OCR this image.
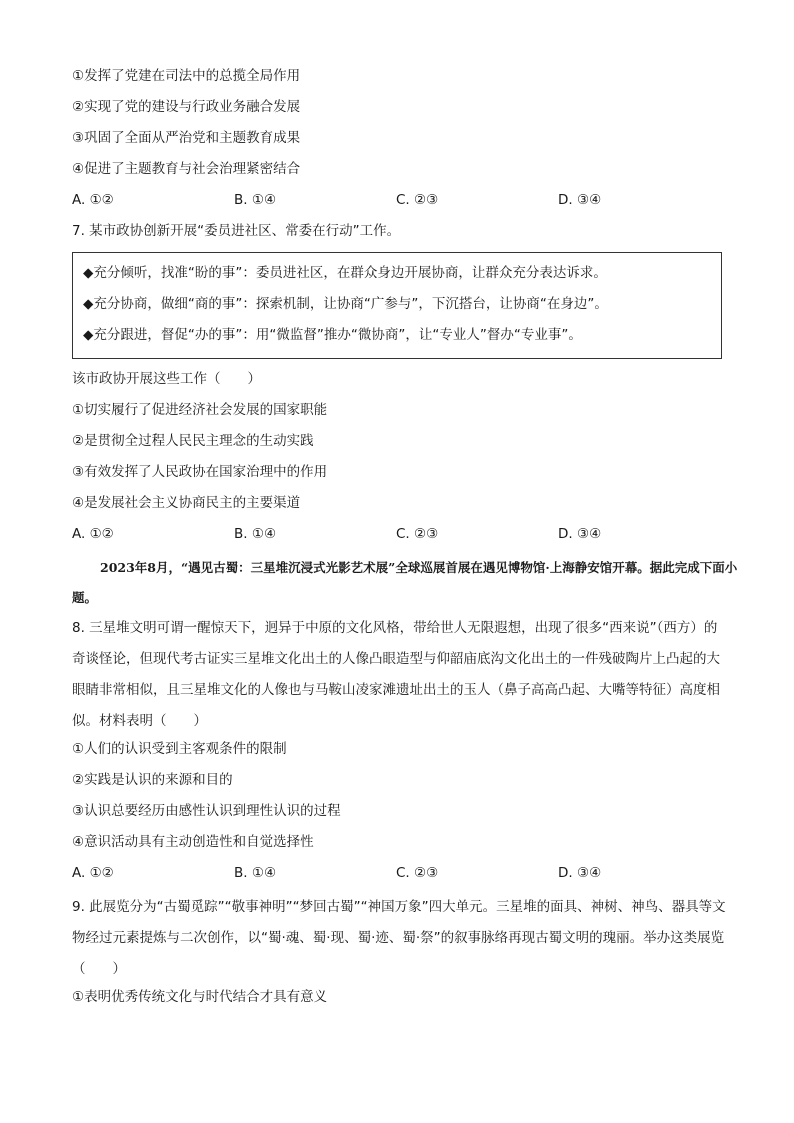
①发挥了党建在司法中的总揽全局作用
②实现了党的建设与行政业务融合发展
③巩固了全面从严治党和主题教育成果
④促进了主题教育与社会治理紧密结合
A. ①②	B. ①④	C. ②③	D. ③④
7. 某市政协创新开展“委员进社区、常委在行动”工作。
◆充分倾听，找准“盼的事”：委员进社区，在群众身边开展协商，让群众充分表达诉求。
◆充分协商，做细“商的事”：探索机制，让协商“广参与”，下沉搭台，让协商“在身边”。
◆充分跟进，督促“办的事”：用“微监督”推办“微协商”，让“专业人”督办“专业事”。
该市政协开展这些工作（　　）
①切实履行了促进经济社会发展的国家职能
②是贯彻全过程人民民主理念的生动实践
③有效发挥了人民政协在国家治理中的作用
④是发展社会主义协商民主的主要渠道
A. ①②	B. ①④	C. ②③	D. ③④
2023年8月，“遇见古蜀：三星堆沉浸式光影艺术展”全球巡展首展在遇见博物馆·上海静安馆开幕。据此完成下面小题。
8. 三星堆文明可谓一醒惊天下，迥异于中原的文化风格，带给世人无限遐想，出现了很多“西来说”（西方）的奇谈怪论，但现代考古证实三星堆文化出土的人像凸眼造型与仰韶庙底沟文化出土的一件残破陶片上凸起的大眼睛非常相似，且三星堆文化的人像也与马鞍山凌家滩遗址出土的玉人（鼻子高高凸起、大嘴等特征）高度相似。材料表明（　　）
①人们的认识受到主客观条件的限制
②实践是认识的来源和目的
③认识总要经历由感性认识到理性认识的过程
④意识活动具有主动创造性和自觉选择性
A. ①②	B. ①④	C. ②③	D. ③④
9. 此展览分为“古蜀觅踪”“敬事神明”“梦回古蜀”“神国万象”四大单元。三星堆的面具、神树、神鸟、器具等文物经过元素提炼与二次创作，以“蜀·魂、蜀·现、蜀·迹、蜀·祭”的叙事脉络再现古蜀文明的瑰丽。举办这类展览（　　）
①表明优秀传统文化与时代结合才具有意义
